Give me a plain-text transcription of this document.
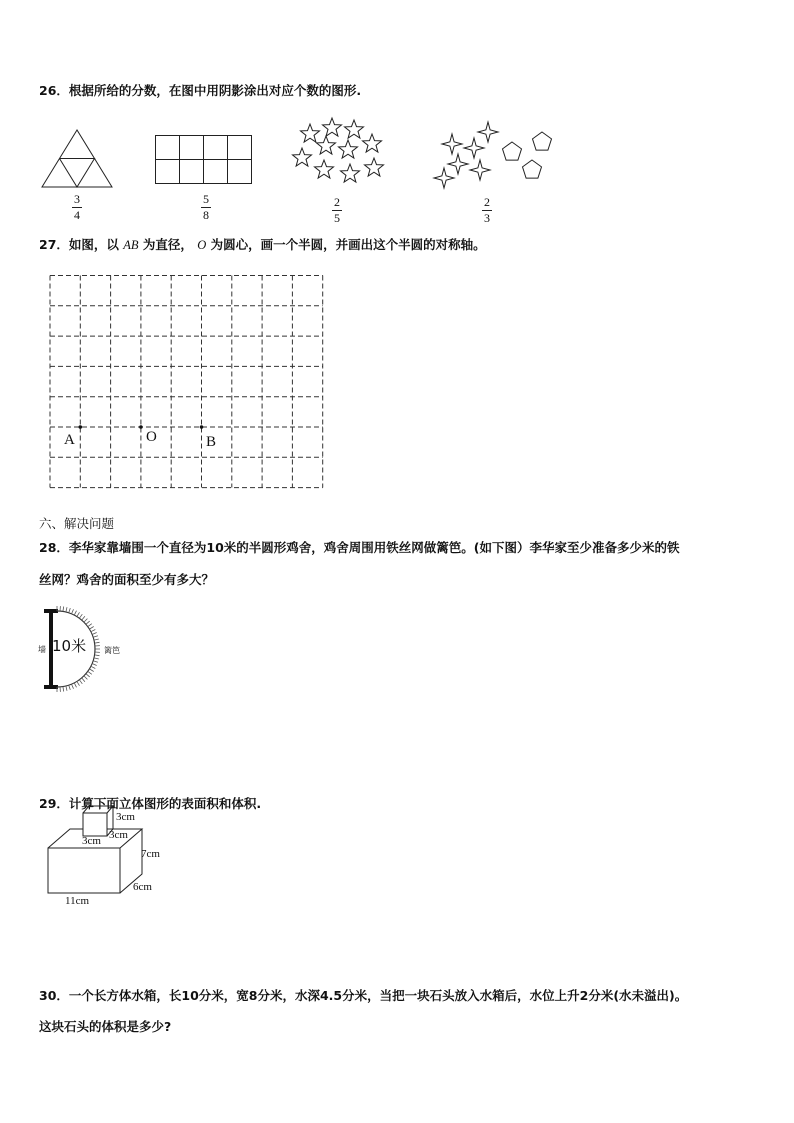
26．根据所给的分数，在图中用阴影涂出对应个数的图形.
3
4
5
8
2
5
2
3
27．如图，以 AB 为直径， O 为圆心，画一个半圆，并画出这个半圆的对称轴。
A	O	B
六、解决问题
28．李华家靠墙围一个直径为10米的半圆形鸡舍，鸡舍周围用铁丝网做篱笆。(如下图）李华家至少准备多少米的铁
丝网？鸡舍的面积至少有多大？
10米
墙	篱笆
29．计算下面立体图形的表面积和体积.
3cm
3cm
3cm
7cm
6cm
11cm
30．一个长方体水箱，长10分米，宽8分米，水深4.5分米，当把一块石头放入水箱后，水位上升2分米(水未溢出)。
这块石头的体积是多少?
